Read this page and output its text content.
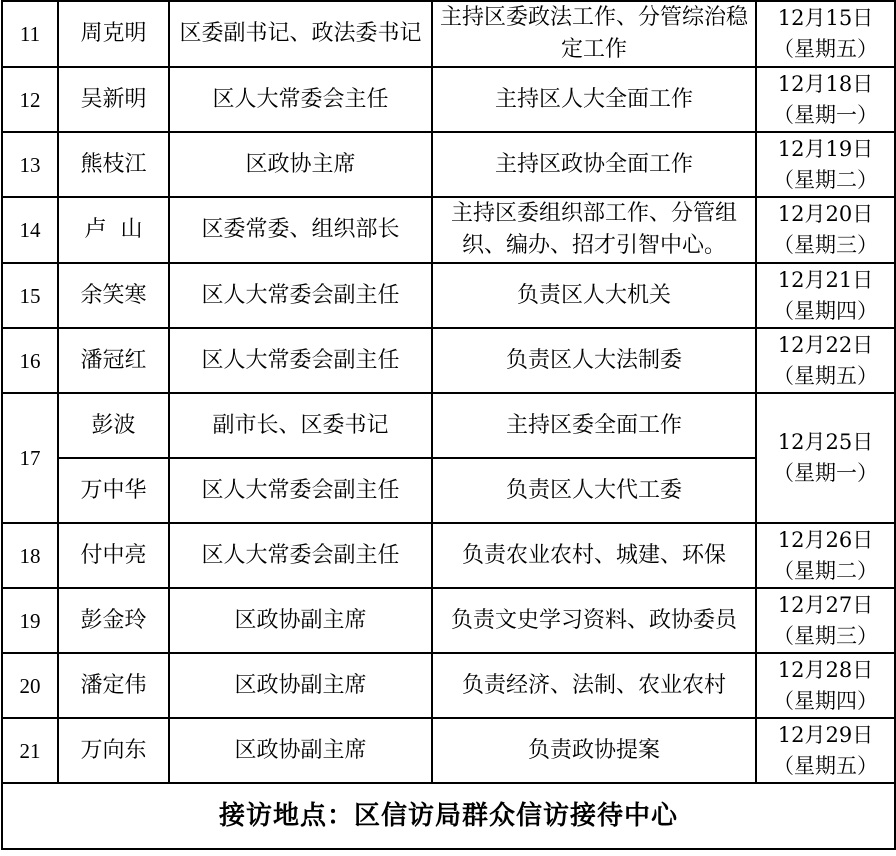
11	周克明	区委副书记、政法委书记	主持区委政法工作、分管综治稳定工作	12月15日
（星期五）
12	吴新明	区人大常委会主任	主持区人大全面工作	12月18日
（星期一）
13	熊枝江	区政协主席	主持区政协全面工作	12月19日
（星期二）
14	卢  山	区委常委、组织部长	主持区委组织部工作、分管组织、编办、招才引智中心。	12月20日
（星期三）
15	余笑寒	区人大常委会副主任	负责区人大机关	12月21日
（星期四）
16	潘冠红	区人大常委会副主任	负责区人大法制委	12月22日
（星期五）
17	彭波	副市长、区委书记	主持区委全面工作	12月25日
（星期一）
	万中华	区人大常委会副主任	负责区人大代工委	
18	付中亮	区人大常委会副主任	负责农业农村、城建、环保	12月26日
（星期二）
19	彭金玲	区政协副主席	负责文史学习资料、政协委员	12月27日
（星期三）
20	潘定伟	区政协副主席	负责经济、法制、农业农村	12月28日
（星期四）
21	万向东	区政协副主席	负责政协提案	12月29日
（星期五）
接访地点：区信访局群众信访接待中心				
